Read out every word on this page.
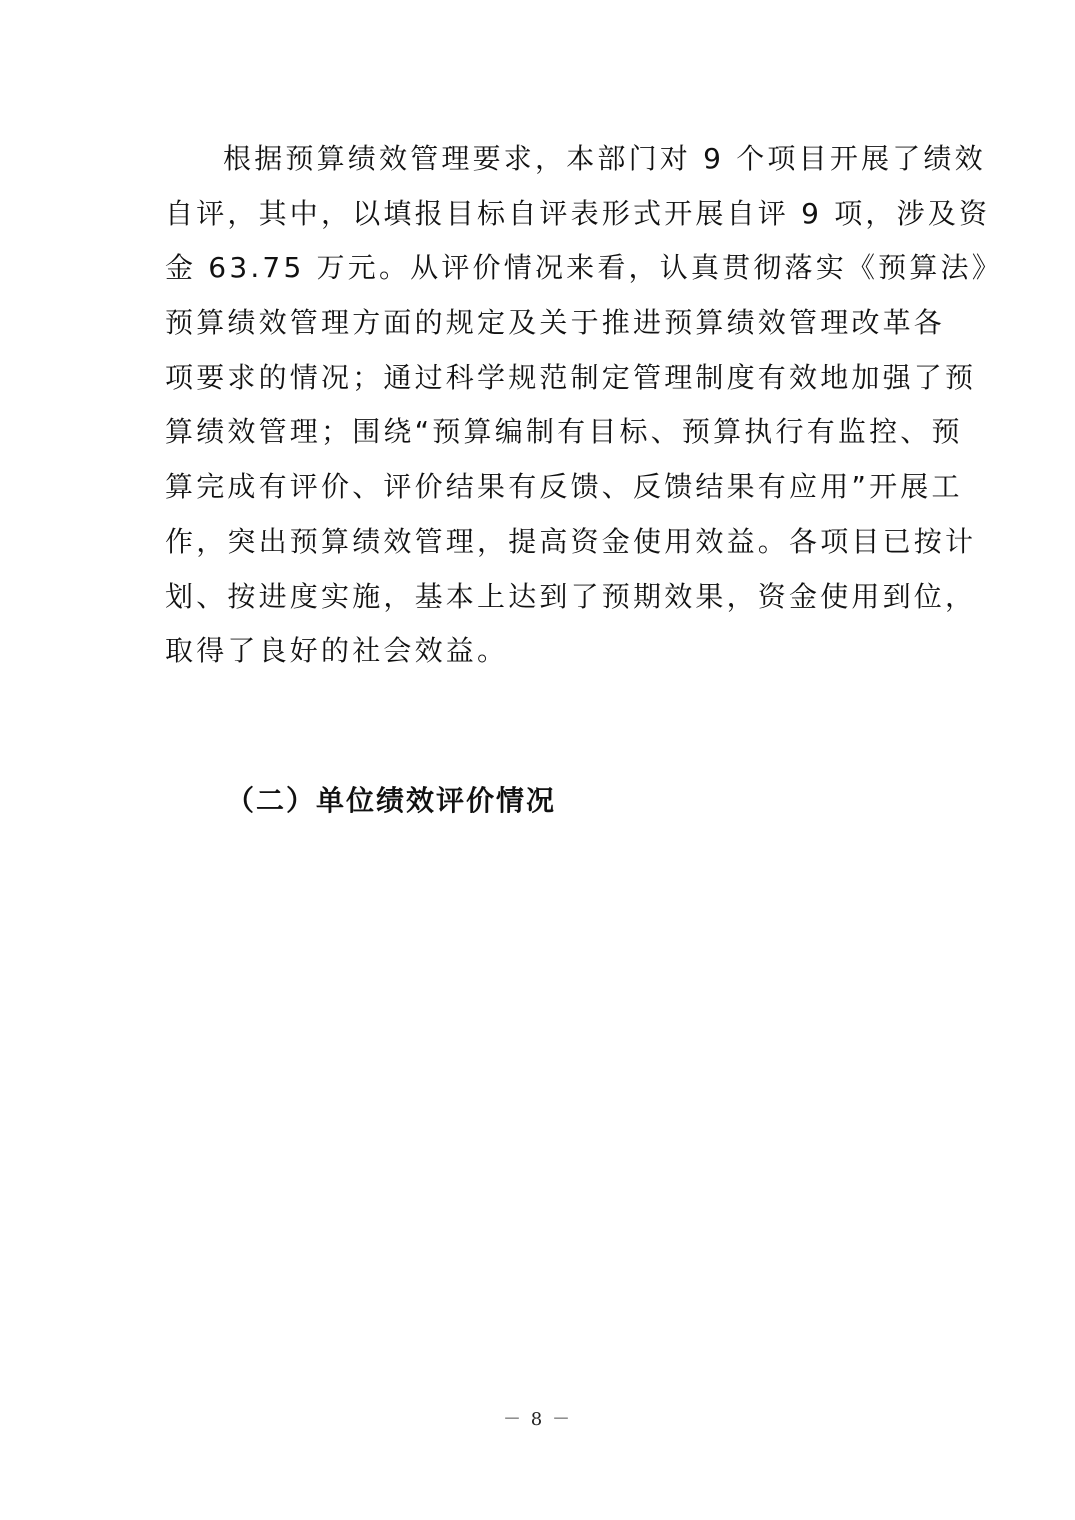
根据预算绩效管理要求，本部门对 9 个项目开展了绩效
自评，其中，以填报目标自评表形式开展自评 9 项，涉及资
金 63.75 万元。从评价情况来看，认真贯彻落实《预算法》
预算绩效管理方面的规定及关于推进预算绩效管理改革各
项要求的情况；通过科学规范制定管理制度有效地加强了预
算绩效管理；围绕“预算编制有目标、预算执行有监控、预
算完成有评价、评价结果有反馈、反馈结果有应用”开展工
作，突出预算绩效管理，提高资金使用效益。各项目已按计
划、按进度实施，基本上达到了预期效果，资金使用到位，
取得了良好的社会效益。
（二）单位绩效评价情况
－ 8 －
